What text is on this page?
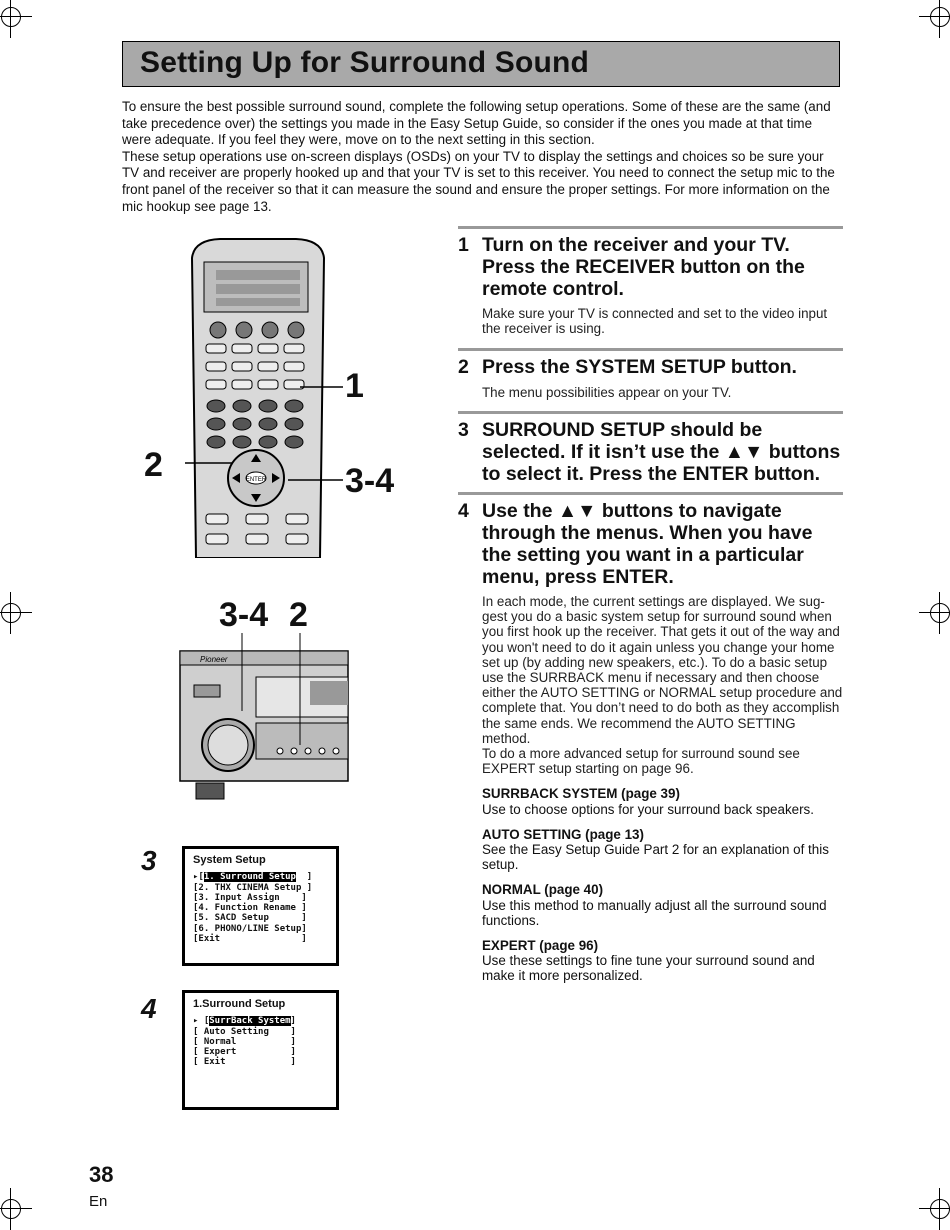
Setting Up for Surround Sound

To ensure the best possible surround sound, complete the following setup operations. Some of these are the same (and take precedence over) the settings you made in the Easy Setup Guide, so consider if the ones you made at that time were adequate. If you feel they were, move on to the next setting in this section.

These setup operations use on-screen displays (OSDs) on your TV to display the settings and choices so be sure your TV and receiver are properly hooked up and that your TV is set to this receiver. You need to connect the setup mic to the front panel of the receiver so that it can measure the sound and ensure the proper settings. For more information on the mic hookup see page 13.

ENTER
1
2	3-4
3-4 2
Pioneer
3	System Setup
▸[1. Surround Setup  ]
[2. THX CINEMA Setup ]
[3. Input Assign    ]
[4. Function Rename ]
[5. SACD Setup      ]
[6. PHONO/LINE Setup]
[Exit               ]
4	1.Surround Setup
▸ [SurrBack System]
[ Auto Setting    ]
[ Normal          ]
[ Expert          ]
[ Exit            ]
1 Turn on the receiver and your TV. Press the RECEIVER button on the remote control.
Make sure your TV is connected and set to the video input the receiver is using.
2 Press the SYSTEM SETUP button.
The menu possibilities appear on your TV.
3 SURROUND SETUP should be selected. If it isn’t use the ▲▼ buttons to select it. Press the ENTER button.
4 Use the ▲▼ buttons to navigate through the menus. When you have the setting you want in a particular menu, press ENTER.
In each mode, the current settings are displayed. We sug-gest you do a basic system setup for surround sound when you first hook up the receiver. That gets it out of the way and you won't need to do it again unless you change your home set up (by adding new speakers, etc.). To do a basic setup use the SURRBACK menu if necessary and then choose either the AUTO SETTING or NORMAL setup procedure and complete that. You don’t need to do both as they accomplish the same ends. We recommend the AUTO SETTING method.
To do a more advanced setup for surround sound see EXPERT setup starting on page 96.
SURRBACK SYSTEM (page 39)
Use to choose options for your surround back speakers.
AUTO SETTING (page 13)
See the Easy Setup Guide Part 2 for an explanation of this setup.
NORMAL (page 40)
Use this method to manually adjust all the surround sound functions.
EXPERT (page 96)
Use these settings to fine tune your surround sound and make it more personalized.
38
En
